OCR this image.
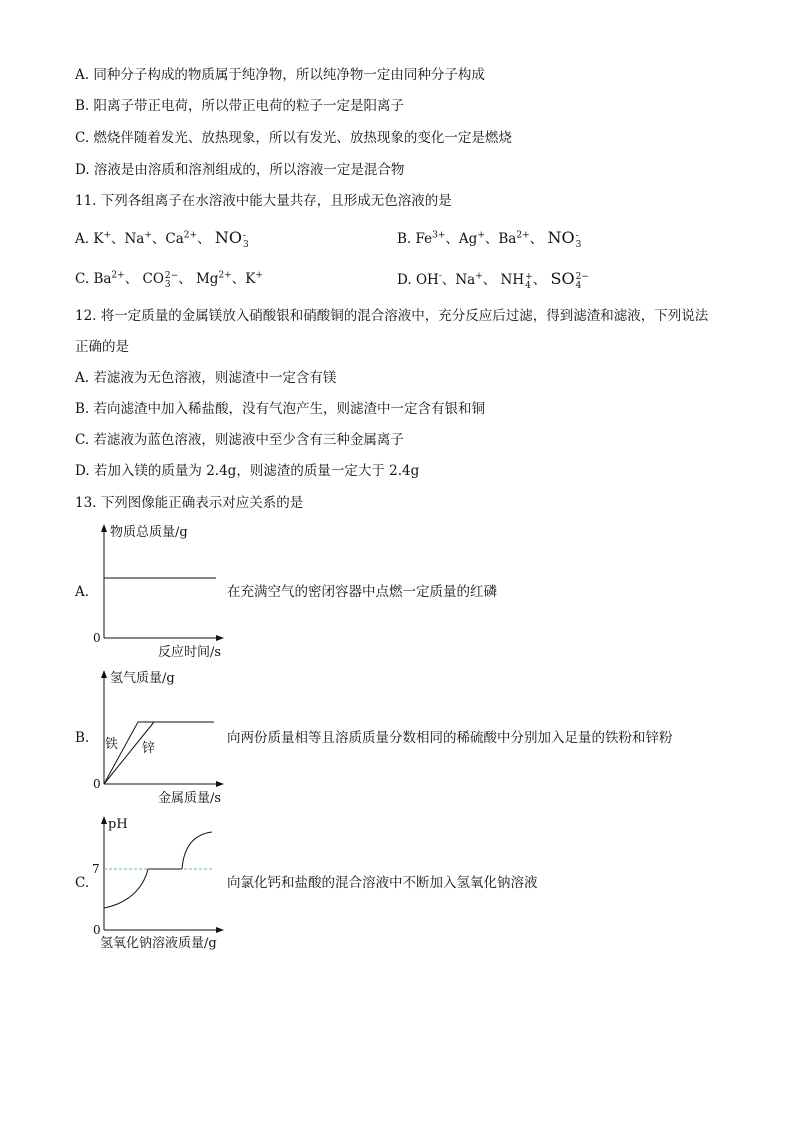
A. 同种分子构成的物质属于纯净物，所以纯净物一定由同种分子构成
B. 阳离子带正电荷，所以带正电荷的粒子一定是阳离子
C. 燃烧伴随着发光、放热现象，所以有发光、放热现象的变化一定是燃烧
D. 溶液是由溶质和溶剂组成的，所以溶液一定是混合物
11. 下列各组离子在水溶液中能大量共存，且形成无色溶液的是
A. K+、Na+、$Ca^{2+}$、 NO -
3	B. $Fe^{3+}$、Ag+、$Ba^{2+}$、 NO -
3
C. $Ba^{2+}$、 CO 2−
3 、 $Mg^{2+}$、K+	D. OH-、Na+、 NH +
4 、 SO 2−
4
12. 将一定质量的金属镁放入硝酸银和硝酸铜的混合溶液中，充分反应后过滤，得到滤渣和滤液，下列说法
正确的是
A. 若滤液为无色溶液，则滤渣中一定含有镁
B. 若向滤渣中加入稀盐酸，没有气泡产生，则滤渣中一定含有银和铜
C. 若滤液为蓝色溶液，则滤液中至少含有三种金属离子
D. 若加入镁的质量为 2.4g，则滤渣的质量一定大于 2.4g
13. 下列图像能正确表示对应关系的是
A.
物质总质量/g
0
反应时间/s
在充满空气的密闭容器中点燃一定质量的红磷
B.
氢气质量/g
铁 锌
0
金属质量/s
向两份质量相等且溶质质量分数相同的稀硫酸中分别加入足量的铁粉和锌粉
C.
pH
7
0
氢氧化钠溶液质量/g
向氯化钙和盐酸的混合溶液中不断加入氢氧化钠溶液
